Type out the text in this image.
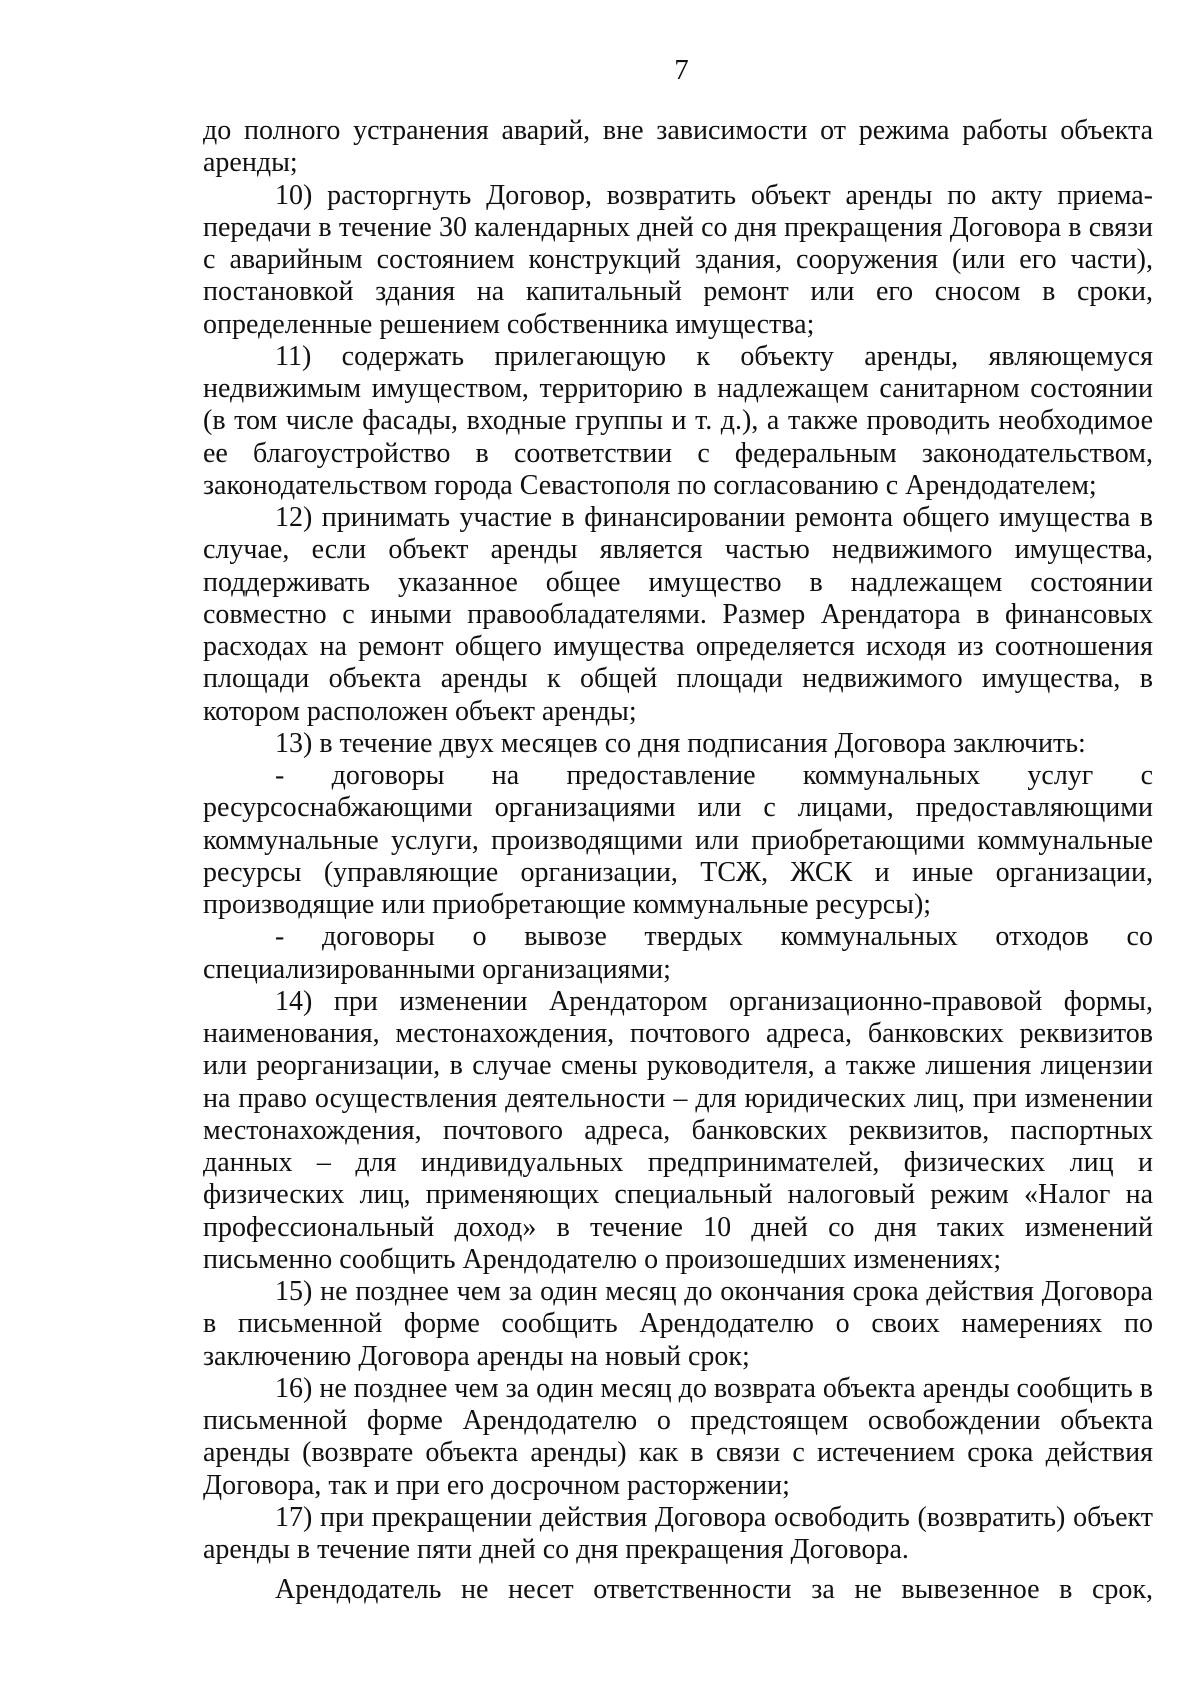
7

до полного устранения аварий, вне зависимости от режима работы объекта аренды;

10) расторгнуть Договор, возвратить объект аренды по акту приема-передачи в течение 30 календарных дней со дня прекращения Договора в связи с аварийным состоянием конструкций здания, сооружения (или его части), постановкой здания на капитальный ремонт или его сносом в сроки, определенные решением собственника имущества;

11) содержать прилегающую к объекту аренды, являющемуся недвижимым имуществом, территорию в надлежащем санитарном состоянии (в том числе фасады, входные группы и т. д.), а также проводить необходимое ее благоустройство в соответствии с федеральным законодательством, законодательством города Севастополя по согласованию с Арендодателем;

12) принимать участие в финансировании ремонта общего имущества в случае, если объект аренды является частью недвижимого имущества, поддерживать указанное общее имущество в надлежащем состоянии совместно с иными правообладателями. Размер Арендатора в финансовых расходах на ремонт общего имущества определяется исходя из соотношения площади объекта аренды к общей площади недвижимого имущества, в котором расположен объект аренды;

13) в течение двух месяцев со дня подписания Договора заключить:

- договоры на предоставление коммунальных услуг с ресурсоснабжающими организациями или с лицами, предоставляющими коммунальные услуги, производящими или приобретающими коммунальные ресурсы (управляющие организации, ТСЖ, ЖСК и иные организации, производящие или приобретающие коммунальные ресурсы);

- договоры о вывозе твердых коммунальных отходов со специализированными организациями;

14) при изменении Арендатором организационно-правовой формы, наименования, местонахождения, почтового адреса, банковских реквизитов или реорганизации, в случае смены руководителя, а также лишения лицензии на право осуществления деятельности – для юридических лиц, при изменении местонахождения, почтового адреса, банковских реквизитов, паспортных данных – для индивидуальных предпринимателей, физических лиц и физических лиц, применяющих специальный налоговый режим «Налог на профессиональный доход» в течение 10 дней со дня таких изменений письменно сообщить Арендодателю о произошедших изменениях;

15) не позднее чем за один месяц до окончания срока действия Договора в письменной форме сообщить Арендодателю о своих намерениях по заключению Договора аренды на новый срок;

16) не позднее чем за один месяц до возврата объекта аренды сообщить в письменной форме Арендодателю о предстоящем освобождении объекта аренды (возврате объекта аренды) как в связи с истечением срока действия Договора, так и при его досрочном расторжении;

17) при прекращении действия Договора освободить (возвратить) объект аренды в течение пяти дней со дня прекращения Договора.

Арендодатель не несет ответственности за не вывезенное в срок,
